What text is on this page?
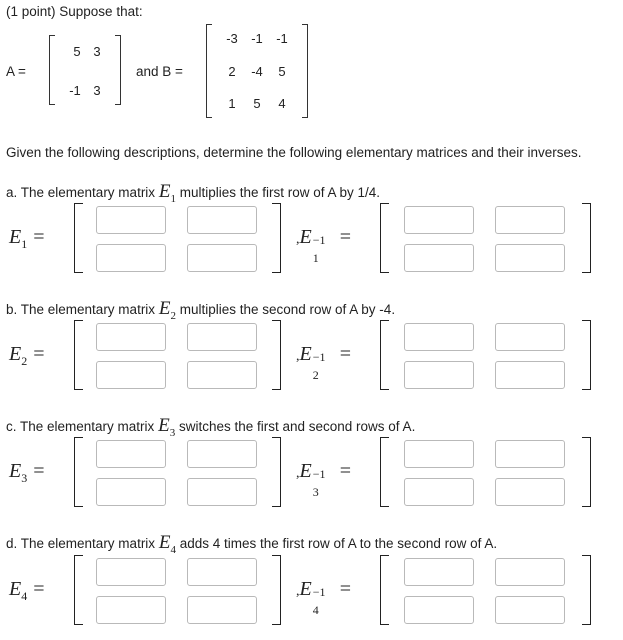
(1 point) Suppose that:
A =
5 3
-1 3
and B =
-3	-1	-1
2	-4	5
1	5	4
Given the following descriptions, determine the following elementary matrices and their inverses.
a. The elementary matrix $E_1$ multiplies the first row of A by 1/4.
$E_1$ =	,E −1
1
=
b. The elementary matrix $E_2$ multiplies the second row of A by -4.
$E_2$ =	,E −1
2
=
c. The elementary matrix $E_3$ switches the first and second rows of A.
$E_3$ =	,E −1
3
=
d. The elementary matrix $E_4$ adds 4 times the first row of A to the second row of A.
$E_4$ =	,E −1
4
=
